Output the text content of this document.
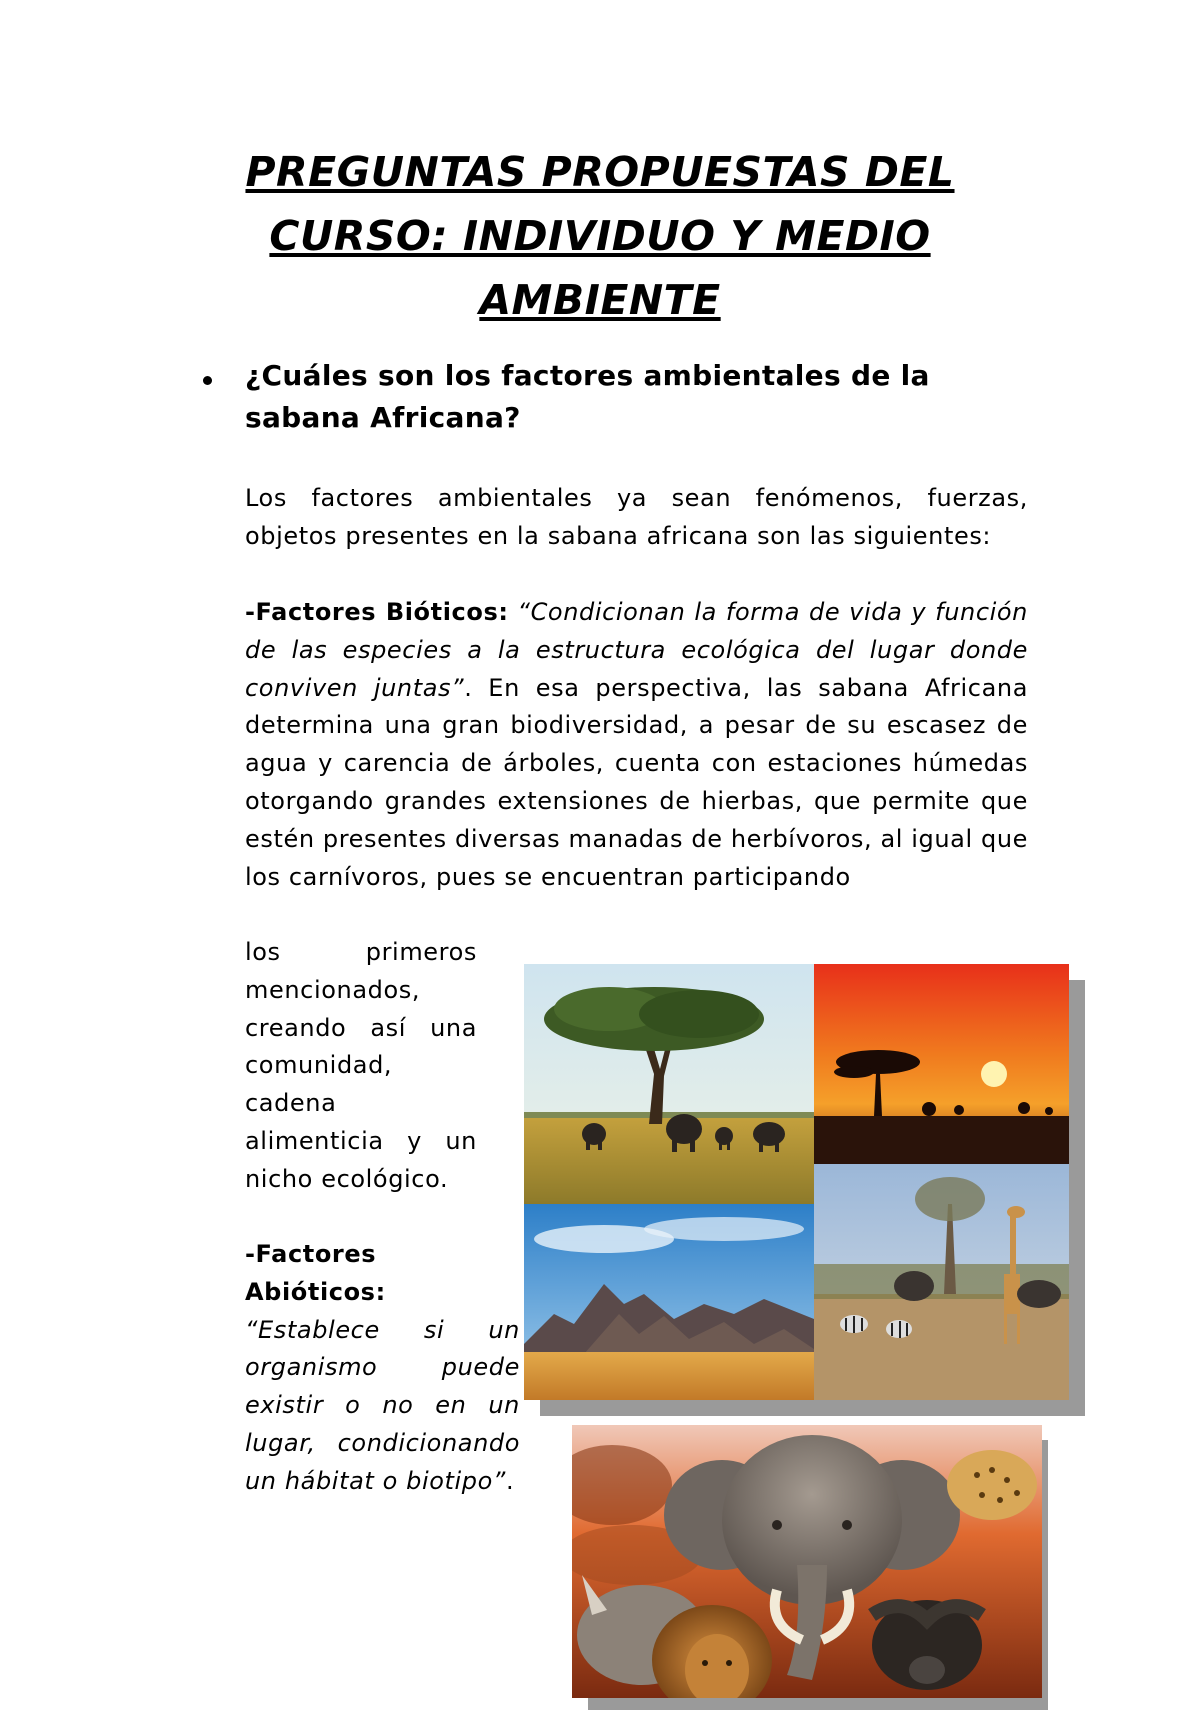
PREGUNTAS PROPUESTAS DEL CURSO: INDIVIDUO Y MEDIO AMBIENTE

¿Cuáles son los factores ambientales de la sabana Africana?

Los factores ambientales ya sean fenómenos, fuerzas, objetos presentes en la sabana africana son las siguientes:

-Factores Bióticos: “Condicionan la forma de vida y función de las especies a la estructura ecológica del lugar donde conviven juntas”. En esa perspectiva, las sabana Africana determina una gran biodiversidad, a pesar de su escasez de agua y carencia de árboles, cuenta con estaciones húmedas otorgando grandes extensiones de hierbas, que permite que estén presentes diversas manadas de herbívoros, al igual que los carnívoros, pues se encuentran participando

los primeros mencionados, creando así una comunidad, cadena alimenticia y un nicho ecológico.

-Factores Abióticos:
“Establece si un organismo puede existir o no en un lugar, condicionando un hábitat o biotipo”.
